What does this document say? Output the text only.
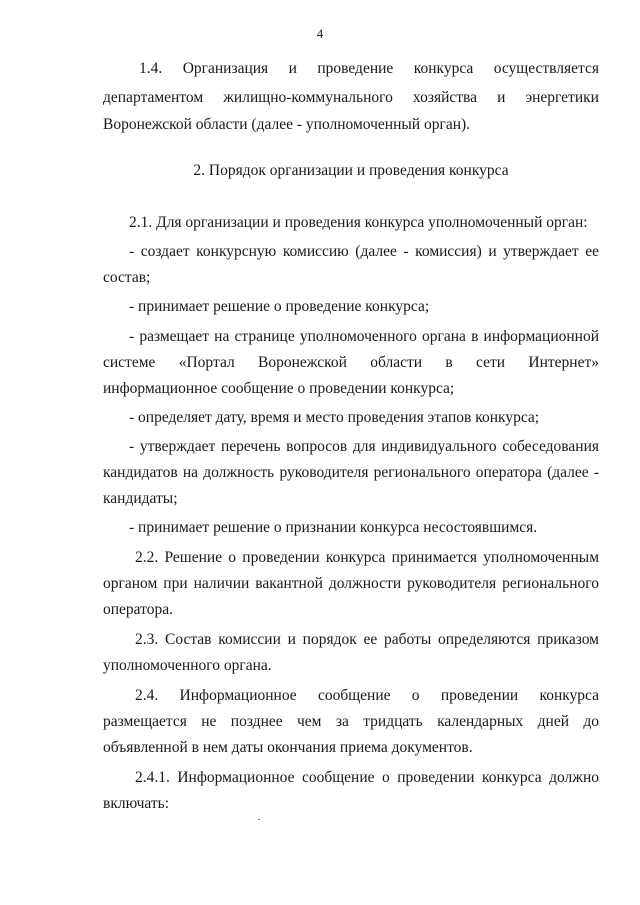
4
1.4. Организация и проведение конкурса осуществляется
департаментом жилищно-коммунального хозяйства и энергетики
Воронежской области (далее - уполномоченный орган).

2. Порядок организации и проведения конкурса

2.1. Для организации и проведения конкурса уполномоченный орган:

- создает конкурсную комиссию (далее - комиссия) и утверждает ее состав;

- принимает решение о проведение конкурса;

- размещает на странице уполномоченного органа в информационной системе «Портал Воронежской области в сети Интернет» информационное сообщение о проведении конкурса;

- определяет дату, время и место проведения этапов конкурса;

- утверждает перечень вопросов для индивидуального собеседования кандидатов на должность руководителя регионального оператора (далее - кандидаты;

- принимает решение о признании конкурса несостоявшимся.

2.2. Решение о проведении конкурса принимается уполномоченным органом при наличии вакантной должности руководителя регионального оператора.

2.3. Состав комиссии и порядок ее работы определяются приказом уполномоченного органа.

2.4. Информационное сообщение о проведении конкурса размещается не позднее чем за тридцать календарных дней до объявленной в нем даты окончания приема документов.

2.4.1. Информационное сообщение о проведении конкурса должно включать:
